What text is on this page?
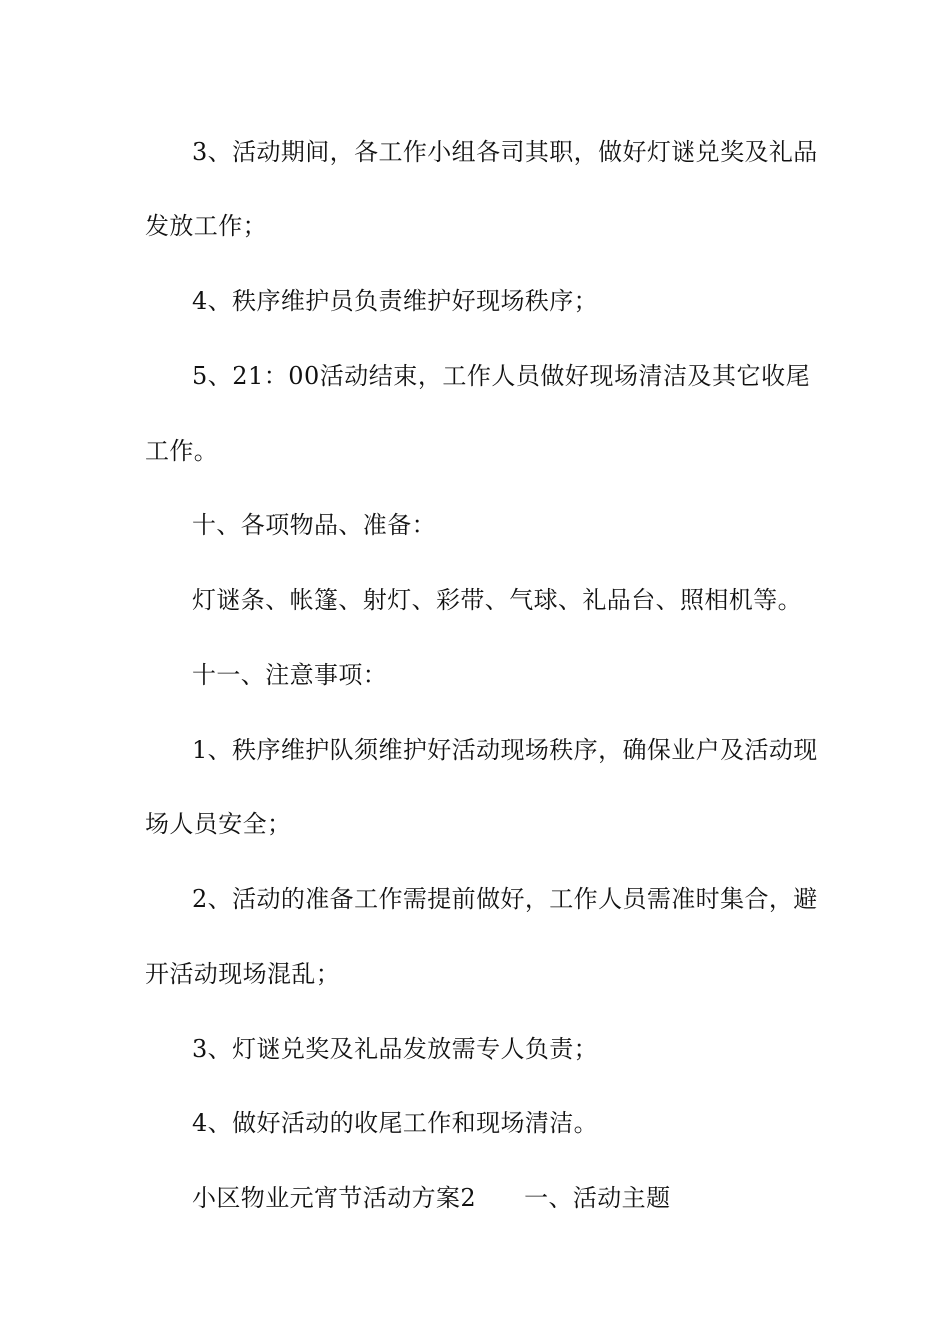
3、活动期间，各工作小组各司其职，做好灯谜兑奖及礼品
发放工作；
4、秩序维护员负责维护好现场秩序；
5、21：00活动结束，工作人员做好现场清洁及其它收尾
工作。
十、各项物品、准备：
灯谜条、帐篷、射灯、彩带、气球、礼品台、照相机等。
十一、注意事项：
1、秩序维护队须维护好活动现场秩序，确保业户及活动现
场人员安全；
2、活动的准备工作需提前做好，工作人员需准时集合，避
开活动现场混乱；
3、灯谜兑奖及礼品发放需专人负责；
4、做好活动的收尾工作和现场清洁。
小区物业元宵节活动方案2 一、活动主题
